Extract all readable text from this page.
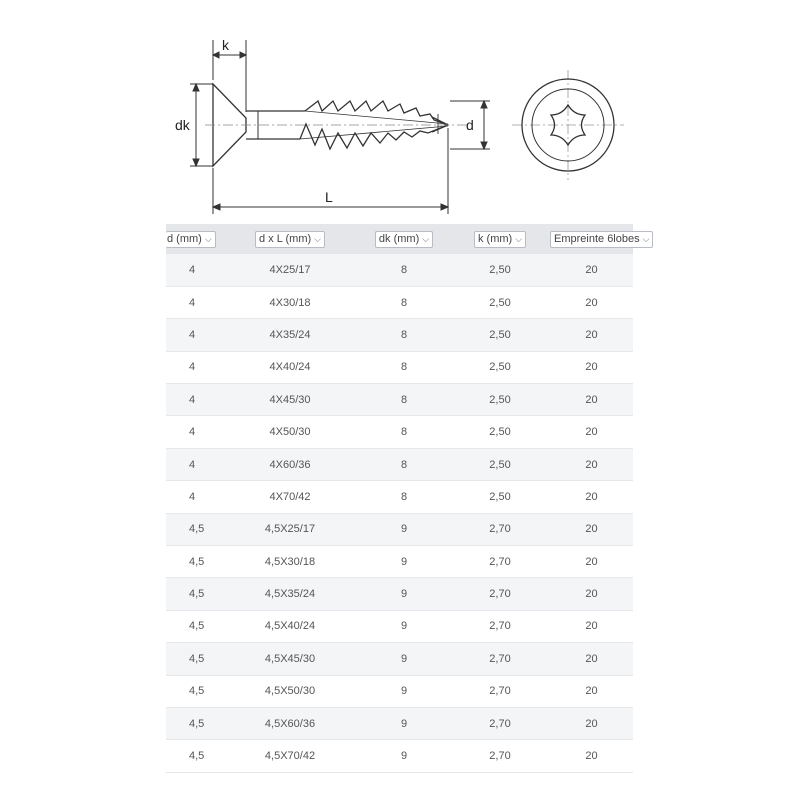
k
dk	d
L
d (mm) ⌵	d x L (mm) ⌵	dk (mm) ⌵	k (mm) ⌵	Empreinte 6lobes ⌵
4	4X25/17	8	2,50	20
4	4X30/18	8	2,50	20
4	4X35/24	8	2,50	20
4	4X40/24	8	2,50	20
4	4X45/30	8	2,50	20
4	4X50/30	8	2,50	20
4	4X60/36	8	2,50	20
4	4X70/42	8	2,50	20
4,5	4,5X25/17	9	2,70	20
4,5	4,5X30/18	9	2,70	20
4,5	4,5X35/24	9	2,70	20
4,5	4,5X40/24	9	2,70	20
4,5	4,5X45/30	9	2,70	20
4,5	4,5X50/30	9	2,70	20
4,5	4,5X60/36	9	2,70	20
4,5	4,5X70/42	9	2,70	20
